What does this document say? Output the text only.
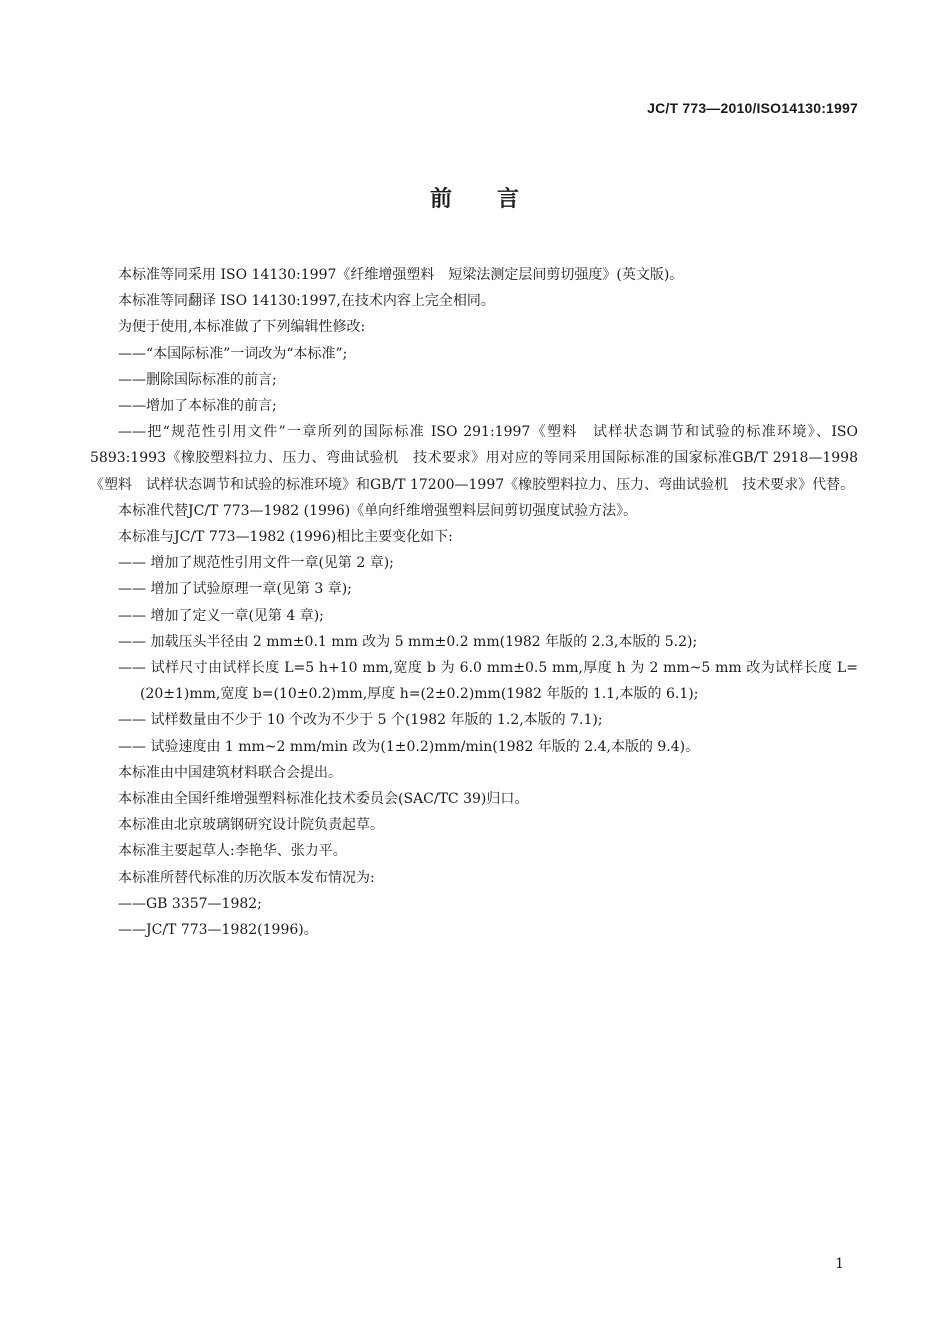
JC/T 773—2010/ISO14130:1997
前 言

本标准等同采用 ISO 14130:1997《纤维增强塑料　短梁法测定层间剪切强度》(英文版)。

本标准等同翻译 ISO 14130:1997,在技术内容上完全相同。

为便于使用,本标准做了下列编辑性修改:

——“本国际标准”一词改为“本标准”;

——删除国际标准的前言;

——增加了本标准的前言;

——把“规范性引用文件”一章所列的国际标准 ISO 291:1997《塑料　试样状态调节和试验的标准环境》、ISO 5893:1993《橡胶塑料拉力、压力、弯曲试验机　技术要求》用对应的等同采用国际标准的国家标准GB/T 2918—1998《塑料　试样状态调节和试验的标准环境》和GB/T 17200—1997《橡胶塑料拉力、压力、弯曲试验机　技术要求》代替。

本标准代替JC/T 773—1982 (1996)《单向纤维增强塑料层间剪切强度试验方法》。

本标准与JC/T 773—1982 (1996)相比主要变化如下:

—— 增加了规范性引用文件一章(见第 2 章);

—— 增加了试验原理一章(见第 3 章);

—— 增加了定义一章(见第 4 章);

—— 加载压头半径由 2 mm±0.1 mm 改为 5 mm±0.2 mm(1982 年版的 2.3,本版的 5.2);

—— 试样尺寸由试样长度 L=5 h+10 mm,宽度 b 为 6.0 mm±0.5 mm,厚度 h 为 2 mm~5 mm 改为试样长度 L=(20±1)mm,宽度 b=(10±0.2)mm,厚度 h=(2±0.2)mm(1982 年版的 1.1,本版的 6.1);

—— 试样数量由不少于 10 个改为不少于 5 个(1982 年版的 1.2,本版的 7.1);

—— 试验速度由 1 mm~2 mm/min 改为(1±0.2)mm/min(1982 年版的 2.4,本版的 9.4)。

本标准由中国建筑材料联合会提出。

本标准由全国纤维增强塑料标准化技术委员会(SAC/TC 39)归口。

本标准由北京玻璃钢研究设计院负责起草。

本标准主要起草人:李艳华、张力平。

本标准所替代标准的历次版本发布情况为:

——GB 3357—1982;

——JC/T 773—1982(1996)。

1
